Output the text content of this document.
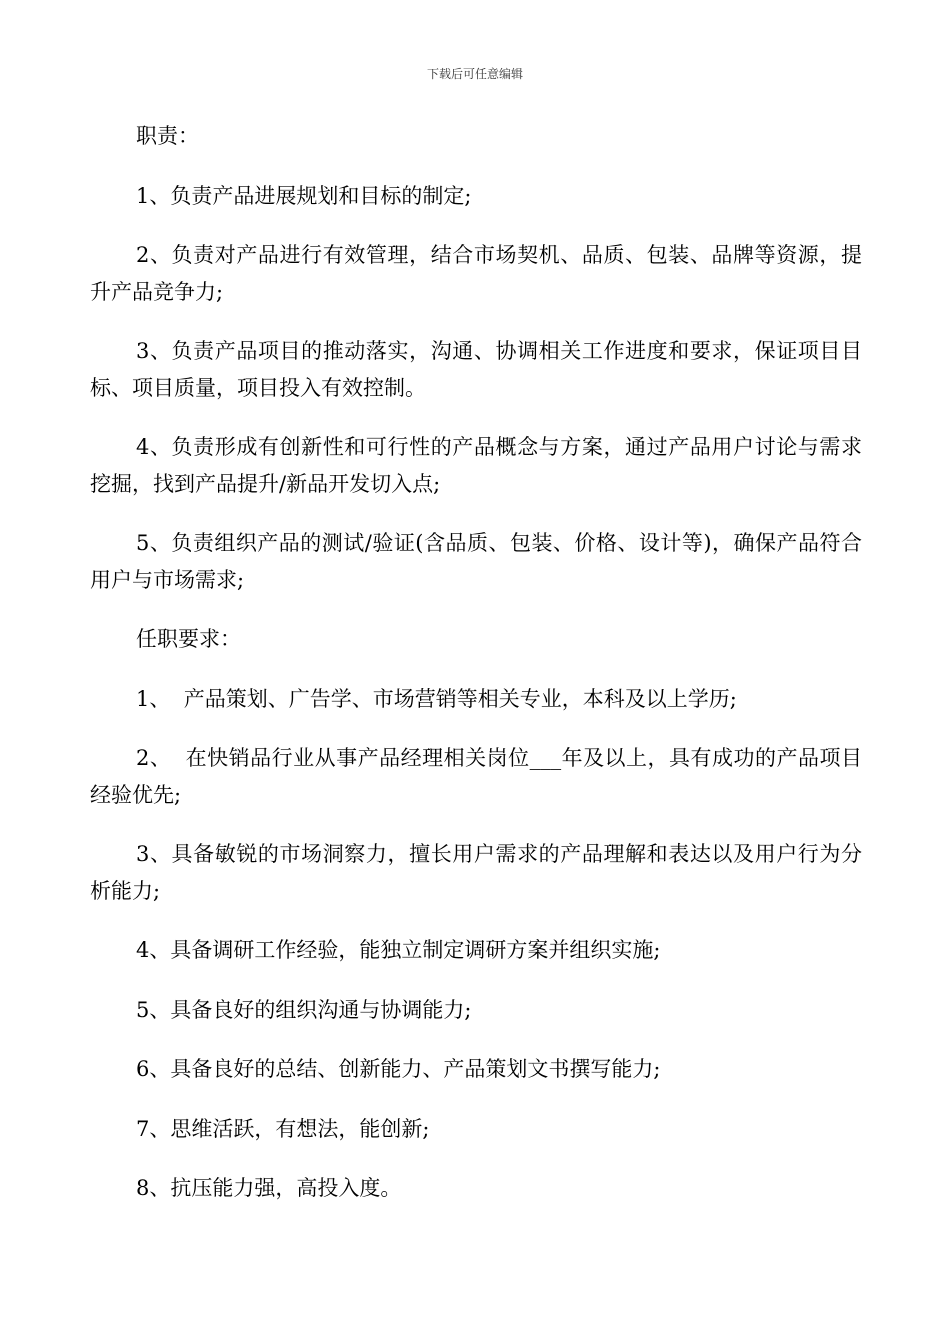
下载后可任意编辑

职责：

1、负责产品进展规划和目标的制定;

2、负责对产品进行有效管理，结合市场契机、品质、包装、品牌等资源，提升产品竞争力;

3、负责产品项目的推动落实，沟通、协调相关工作进度和要求，保证项目目标、项目质量，项目投入有效控制。

4、负责形成有创新性和可行性的产品概念与方案，通过产品用户讨论与需求挖掘，找到产品提升/新品开发切入点;

5、负责组织产品的测试/验证(含品质、包装、价格、设计等)，确保产品符合用户与市场需求;

任职要求：

1、  产品策划、广告学、市场营销等相关专业，本科及以上学历;

2、  在快销品行业从事产品经理相关岗位___年及以上，具有成功的产品项目经验优先;

3、具备敏锐的市场洞察力，擅长用户需求的产品理解和表达以及用户行为分析能力;

4、具备调研工作经验，能独立制定调研方案并组织实施;

5、具备良好的组织沟通与协调能力;

6、具备良好的总结、创新能力、产品策划文书撰写能力;

7、思维活跃，有想法，能创新;

8、抗压能力强，高投入度。
